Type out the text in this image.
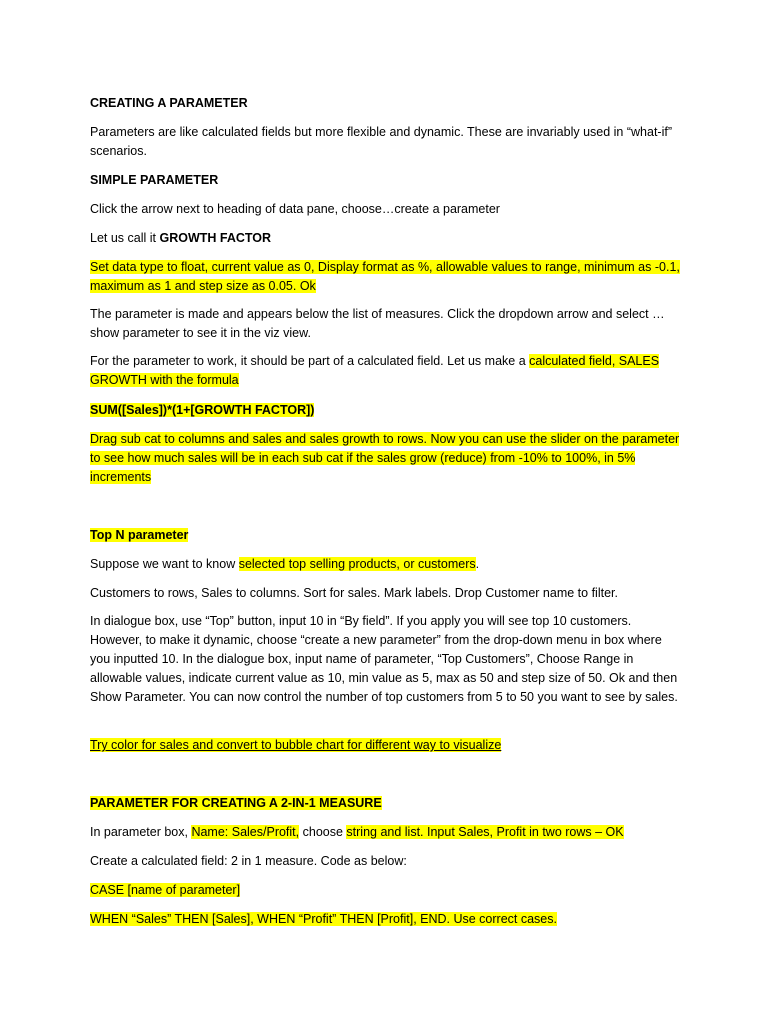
CREATING A PARAMETER

Parameters are like calculated fields but more flexible and dynamic. These are invariably used in “what-if” scenarios.

SIMPLE PARAMETER

Click the arrow next to heading of data pane, choose…create a parameter

Let us call it GROWTH FACTOR

Set data type to float, current value as 0, Display format as %, allowable values to range, minimum as -0.1, maximum as 1 and step size as 0.05. Ok

The parameter is made and appears below the list of measures. Click the dropdown arrow and select … show parameter to see it in the viz view.

For the parameter to work, it should be part of a calculated field. Let us make a calculated field, SALES GROWTH with the formula

SUM([Sales])*(1+[GROWTH FACTOR])

Drag sub cat to columns and sales and sales growth to rows. Now you can use the slider on the parameter to see how much sales will be in each sub cat if the sales grow (reduce) from -10% to 100%, in 5% increments

Top N parameter

Suppose we want to know selected top selling products, or customers.

Customers to rows, Sales to columns. Sort for sales. Mark labels. Drop Customer name to filter.

In dialogue box, use “Top” button, input 10 in “By field”. If you apply you will see top 10 customers. However, to make it dynamic, choose “create a new parameter” from the drop-down menu in box where you inputted 10. In the dialogue box, input name of parameter, “Top Customers”, Choose Range in allowable values, indicate current value as 10, min value as 5, max as 50 and step size of 50. Ok and then Show Parameter. You can now control the number of top customers from 5 to 50 you want to see by sales.

Try color for sales and convert to bubble chart for different way to visualize

PARAMETER FOR CREATING A 2-IN-1 MEASURE

In parameter box, Name: Sales/Profit, choose string and list. Input Sales, Profit in two rows – OK

Create a calculated field: 2 in 1 measure. Code as below:

CASE [name of parameter]

WHEN “Sales” THEN [Sales], WHEN “Profit” THEN [Profit], END. Use correct cases.
